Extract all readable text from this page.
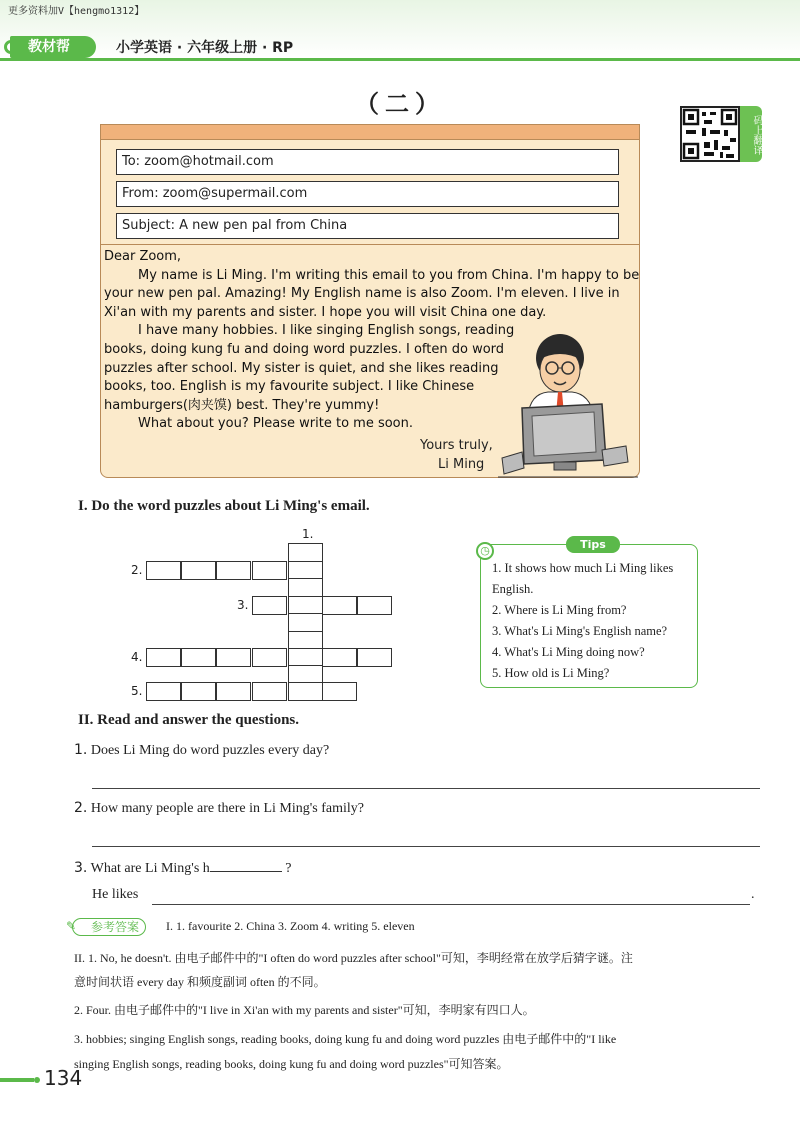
更多资料加V【hengmo1312】
教材帮	小学英语 · 六年级上册 · RP
（二）
码上翻译
To: zoom@hotmail.com
From: zoom@supermail.com
Subject: A new pen pal from China

Dear Zoom,

My name is Li Ming. I'm writing this email to you from China. I'm happy to be your new pen pal. Amazing! My English name is also Zoom. I'm eleven. I live in Xi'an with my parents and sister. I hope you will visit China one day.

I have many hobbies. I like singing English songs, reading books, doing kung fu and doing word puzzles. I often do word puzzles after school. My sister is quiet, and she likes reading books, too. English is my favourite subject. I like Chinese hamburgers(肉夹馍) best. They're yummy!

What about you? Please write to me soon.

Yours truly,
Li Ming
I. Do the word puzzles about Li Ming's email.
1.
2.
3.
4.
5.
Tips
◷
1. It shows how much Li Ming likes English.
2. Where is Li Ming from?
3. What's Li Ming's English name?
4. What's Li Ming doing now?
5. How old is Li Ming?
II. Read and answer the questions.
1. Does Li Ming do word puzzles every day?
2. How many people are there in Li Ming's family?
3. What are Li Ming's h	?
He likes	.
✎	参考答案	I. 1. favourite 2. China 3. Zoom 4. writing 5. eleven
II. 1. No, he doesn't. 由电子邮件中的"I often do word puzzles after school"可知，李明经常在放学后猜字谜。注
意时间状语 every day 和频度副词 often 的不同。
2. Four. 由电子邮件中的"I live in Xi'an with my parents and sister"可知，李明家有四口人。
3. hobbies; singing English songs, reading books, doing kung fu and doing word puzzles 由电子邮件中的"I like
singing English songs, reading books, doing kung fu and doing word puzzles"可知答案。
134
